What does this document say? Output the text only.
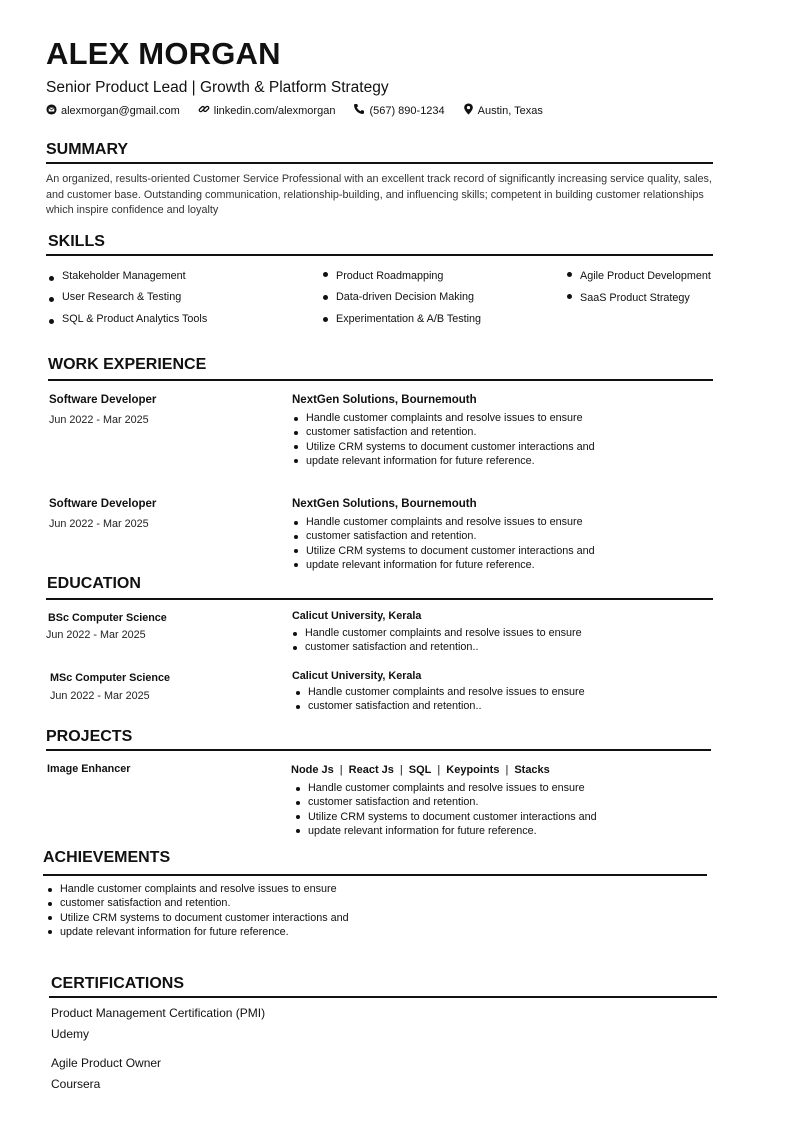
ALEX MORGAN
Senior Product Lead | Growth & Platform Strategy
alexmorgan@gmail.com	linkedin.com/alexmorgan	(567) 890-1234	Austin, Texas
SUMMARY
An organized, results-oriented Customer Service Professional with an excellent track record of significantly increasing service quality, sales, and customer base. Outstanding communication, relationship-building, and influencing skills; competent in building customer relationships which inspire confidence and loyalty
SKILLS
Stakeholder Management
User Research & Testing
SQL & Product Analytics Tools
Product Roadmapping
Data-driven Decision Making
Experimentation & A/B Testing
Agile Product Development
SaaS Product Strategy
WORK EXPERIENCE
Software Developer
Jun 2022 - Mar 2025
NextGen Solutions, Bournemouth
Handle customer complaints and resolve issues to ensure
customer satisfaction and retention.
Utilize CRM systems to document customer interactions and
update relevant information for future reference.
Software Developer
Jun 2022 - Mar 2025
NextGen Solutions, Bournemouth
Handle customer complaints and resolve issues to ensure
customer satisfaction and retention.
Utilize CRM systems to document customer interactions and
update relevant information for future reference.
EDUCATION
BSc Computer Science
Jun 2022 - Mar 2025
Calicut University, Kerala
Handle customer complaints and resolve issues to ensure
customer satisfaction and retention..
MSc Computer Science
Jun 2022 - Mar 2025
Calicut University, Kerala
Handle customer complaints and resolve issues to ensure
customer satisfaction and retention..
PROJECTS
Image Enhancer	Node Js | React Js | SQL | Keypoints | Stacks
Handle customer complaints and resolve issues to ensure
customer satisfaction and retention.
Utilize CRM systems to document customer interactions and
update relevant information for future reference.
ACHIEVEMENTS
Handle customer complaints and resolve issues to ensure
customer satisfaction and retention.
Utilize CRM systems to document customer interactions and
update relevant information for future reference.
CERTIFICATIONS
Product Management Certification (PMI)
Udemy
Agile Product Owner
Coursera
